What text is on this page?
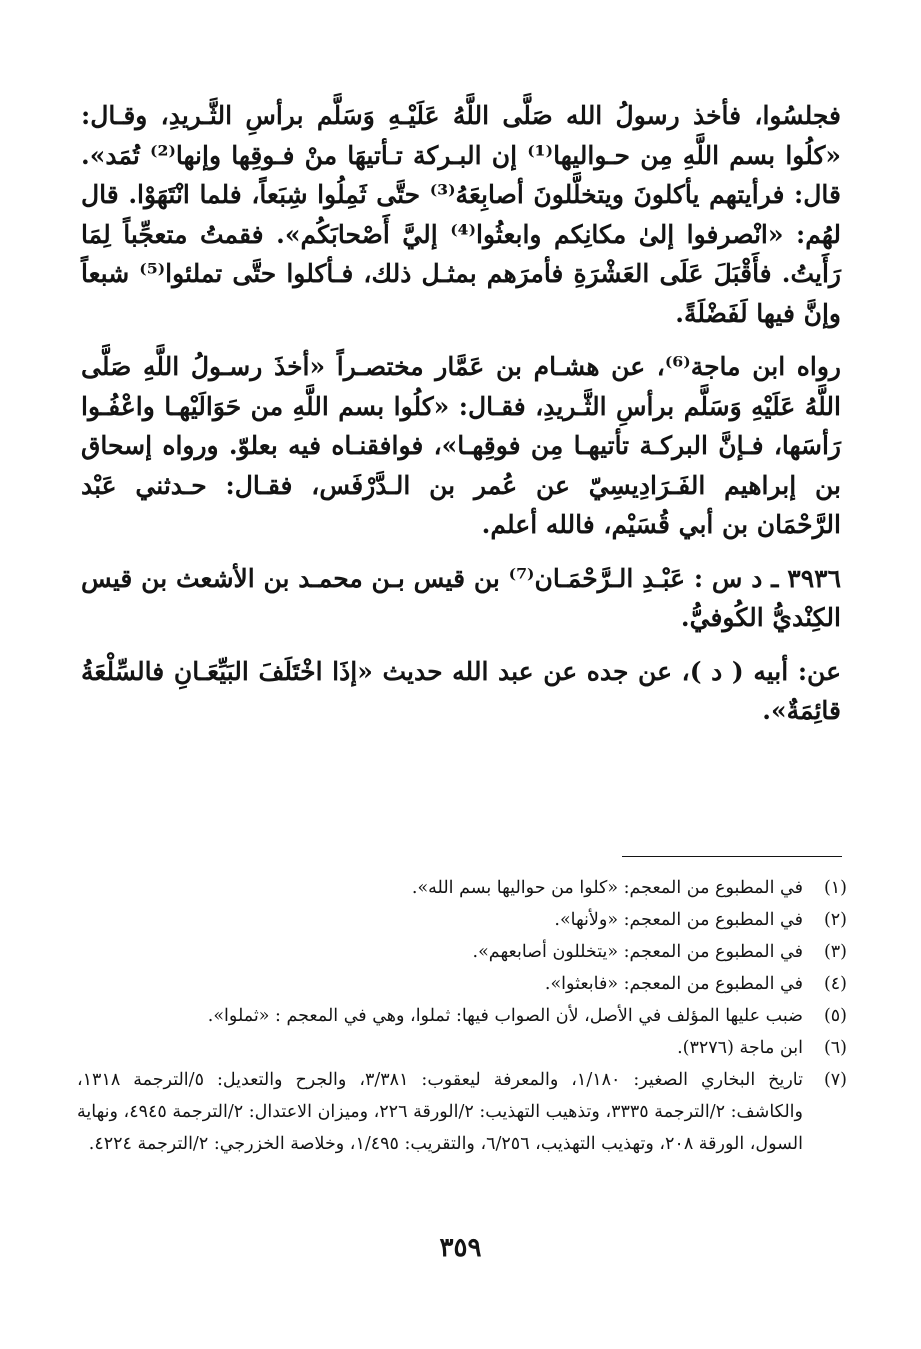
فجلسُوا، فأخذ رسولُ الله صَلَّى اللَّهُ عَلَيْـهِ وَسَلَّم برأسِ الثَّـريدِ، وقـال: «كلُوا بسم اللَّهِ مِن حـواليها⁽¹⁾ إن البـركة تـأتيهَا منْ فـوقِها وإنها⁽²⁾ تُمَد». قال: فرأيتهم يأكلونَ ويتخلَّلونَ أصابِعَهُ⁽³⁾ حتَّى ثَمِلُوا شِبَعاً، فلما انْتَهَوْا. قال لهُم: «انْصرفوا إلىٰ مكانِكم وابعثُوا⁽⁴⁾ إليَّ أَصْحابَكُم». فقمتُ متعجِّباً لِمَا رَأَيتُ. فأَقْبَلَ عَلَى العَشْرَةِ فأمرَهم بمثـل ذلك، فـأكلوا حتَّى تملئوا⁽⁵⁾ شبعاً وإنَّ فيها لَفَضْلَةً.

رواه ابن ماجة⁽⁶⁾، عن هشـام بن عَمَّار مختصـراً «أخذَ رسـولُ اللَّهِ صَلَّى اللَّهُ عَلَيْهِ وَسَلَّم برأسِ الثَّـريدِ، فقـال: «كلُوا بسم اللَّهِ من حَوَالَيْهـا واعْفُـوا رَأسَها، فـإنَّ البركـة تأتيهـا مِن فوقِهـا»، فوافقنـاه فيه بعلوّ. ورواه إسحاق بن إبراهيم الفَـرَادِيسِيّ عن عُمر بن الـدَّرْفَس، فقـال: حـدثني عَبْد الرَّحْمَان بن أبي قُسَيْم، فالله أعلم.

٣٩٣٦ ـ د س : عَبْـدِ الـرَّحْمَـان⁽⁷⁾ بن قيس بـن محمـد بن الأشعث بن قيس الكِنْديُّ الكُوفيُّ.

عن: أبيه ( د )، عن جده عن عبد الله حديث «إذَا اخْتَلَفَ البَيِّعَـانِ فالسِّلْعَةُ قائِمَةٌ».

(١)
في المطبوع من المعجم: «كلوا من حواليها بسم الله».
(٢)
في المطبوع من المعجم: «ولأنها».
(٣)
في المطبوع من المعجم: «يتخللون أصابعهم».
(٤)
في المطبوع من المعجم: «فابعثوا».
(٥)
ضبب عليها المؤلف في الأصل، لأن الصواب فيها: ثملوا، وهي في المعجم : «ثملوا».
(٦)
ابن ماجة (٣٢٧٦).
(٧)
تاريخ البخاري الصغير: ١/١٨٠، والمعرفة ليعقوب: ٣/٣٨١، والجرح والتعديل: ٥/الترجمة ١٣١٨، والكاشف: ٢/الترجمة ٣٣٣٥، وتذهيب التهذيب: ٢/الورقة ٢٢٦، وميزان الاعتدال: ٢/الترجمة ٤٩٤٥، ونهاية السول، الورقة ٢٠٨، وتهذيب التهذيب، ٦/٢٥٦، والتقريب: ١/٤٩٥، وخلاصة الخزرجي: ٢/الترجمة ٤٢٢٤.
٣٥٩
